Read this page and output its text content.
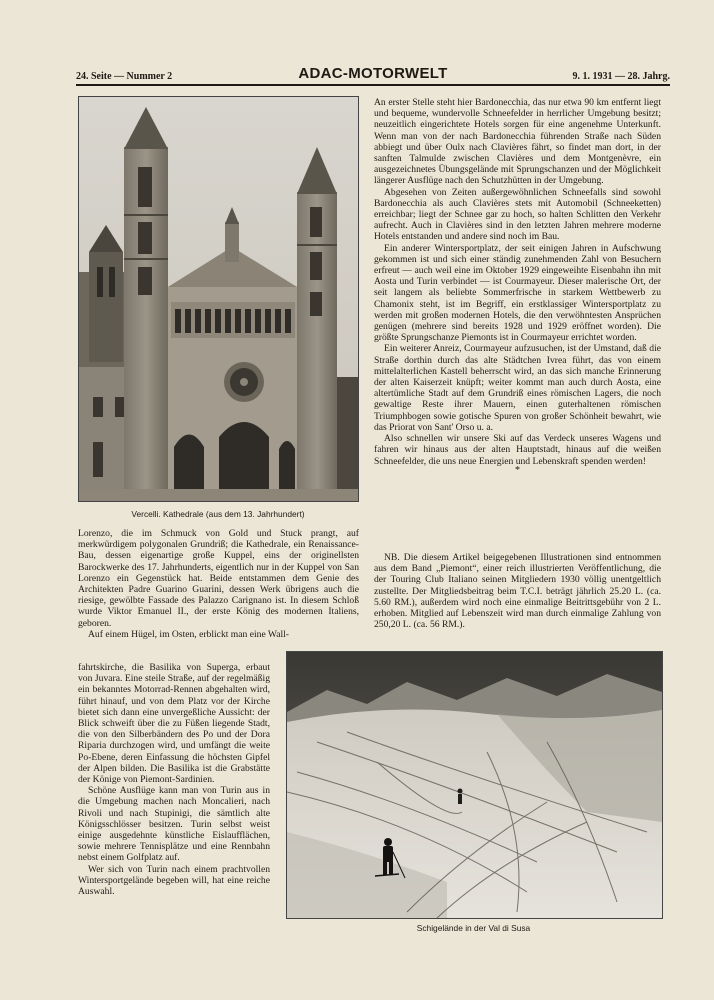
24. Seite — Nummer 2	ADAC-MOTORWELT	9. 1. 1931 — 28. Jahrg.
Vercelli. Kathedrale (aus dem 13. Jahrhundert)

An erster Stelle steht hier Bardonecchia, das nur etwa 90 km entfernt liegt und bequeme, wundervolle Schneefelder in herrlicher Umgebung besitzt; neuzeitlich eingerichtete Hotels sorgen für eine angenehme Unterkunft. Wenn man von der nach Bardonecchia führenden Straße nach Süden abbiegt und über Oulx nach Clavières fährt, so findet man dort, in der sanften Talmulde zwischen Clavières und dem Montgenèvre, ein ausgezeichnetes Übungsgelände mit Sprungschanzen und der Möglichkeit längerer Ausflüge nach den Schutzhütten in der Umgebung.

Abgesehen von Zeiten außergewöhnlichen Schneefalls sind sowohl Bardonecchia als auch Clavières stets mit Automobil (Schneeketten) erreichbar; liegt der Schnee gar zu hoch, so halten Schlitten den Verkehr aufrecht. Auch in Clavières sind in den letzten Jahren mehrere moderne Hotels entstanden und andere sind noch im Bau.

Ein anderer Wintersportplatz, der seit einigen Jahren in Aufschwung gekommen ist und sich einer ständig zunehmenden Zahl von Besuchern erfreut — auch weil eine im Oktober 1929 eingeweihte Eisenbahn ihn mit Aosta und Turin verbindet — ist Courmayeur. Dieser malerische Ort, der seit langem als beliebte Sommerfrische in starkem Wettbewerb zu Chamonix steht, ist im Begriff, ein erstklassiger Wintersportplatz zu werden mit großen modernen Hotels, die den verwöhntesten Ansprüchen genügen (mehrere sind bereits 1928 und 1929 eröffnet worden). Die größte Sprungschanze Piemonts ist in Courmayeur errichtet worden.

Ein weiterer Anreiz, Courmayeur aufzusuchen, ist der Umstand, daß die Straße dorthin durch das alte Städtchen Ivrea führt, das von einem mittelalterlichen Kastell beherrscht wird, an das sich manche Erinnerung der alten Kaiserzeit knüpft; weiter kommt man auch durch Aosta, eine altertümliche Stadt auf dem Grundriß eines römischen Lagers, die noch gewaltige Reste ihrer Mauern, einen guterhaltenen römischen Triumphbogen sowie gotische Spuren von großer Schönheit bewahrt, wie das Priorat von Sant' Orso u. a.

Also schnellen wir unsere Ski auf das Verdeck unseres Wagens und fahren wir hinaus aus der alten Hauptstadt, hinaus auf die weißen Schneefelder, die uns neue Energien und Lebenskraft spenden werden!

*

NB. Die diesem Artikel beigegebenen Illustrationen sind entnommen aus dem Band „Piemont“, einer reich illustrierten Veröffentlichung, die der Touring Club Italiano seinen Mitgliedern 1930 völlig unentgeltlich zustellte. Der Mitgliedsbeitrag beim T.C.I. beträgt jährlich 25.20 L. (ca. 5.60 RM.), außerdem wird noch eine einmalige Beitrittsgebühr von 2 L. erhoben. Mitglied auf Lebenszeit wird man durch einmalige Zahlung von 250,20 L. (ca. 56 RM.).

Lorenzo, die im Schmuck von Gold und Stuck prangt, auf merkwürdigem polygonalen Grundriß; die Kathedrale, ein Renaissance-Bau, dessen eigenartige große Kuppel, eins der originellsten Barockwerke des 17. Jahrhunderts, eigentlich nur in der Kuppel von San Lorenzo ein Gegenstück hat. Beide entstammen dem Genie des Architekten Padre Guarino Guarini, dessen Werk übrigens auch die riesige, gewölbte Fassade des Palazzo Carignano ist. In diesem Schloß wurde Viktor Emanuel II., der erste König des modernen Italiens, geboren.

Auf einem Hügel, im Osten, erblickt man eine Wall-

fahrtskirche, die Basilika von Superga, erbaut von Juvara. Eine steile Straße, auf der regelmäßig ein bekanntes Motorrad-Rennen abgehalten wird, führt hinauf, und von dem Platz vor der Kirche bietet sich dann eine unvergeßliche Aussicht: der Blick schweift über die zu Füßen liegende Stadt, die von den Silberbändern des Po und der Dora Riparia durchzogen wird, und umfängt die weite Po-Ebene, deren Einfassung die höchsten Gipfel der Alpen bilden. Die Basilika ist die Grabstätte der Könige von Piemont-Sardinien.

Schöne Ausflüge kann man von Turin aus in die Umgebung machen nach Moncalieri, nach Rivoli und nach Stupinigi, die sämtlich alte Königsschlösser besitzen. Turin selbst weist einige ausgedehnte künstliche Eislaufflächen, sowie mehrere Tennisplätze und eine Rennbahn nebst einem Golfplatz auf.

Wer sich von Turin nach einem prachtvollen Wintersportgelände begeben will, hat eine reiche Auswahl.

Schigelände in der Val di Susa
